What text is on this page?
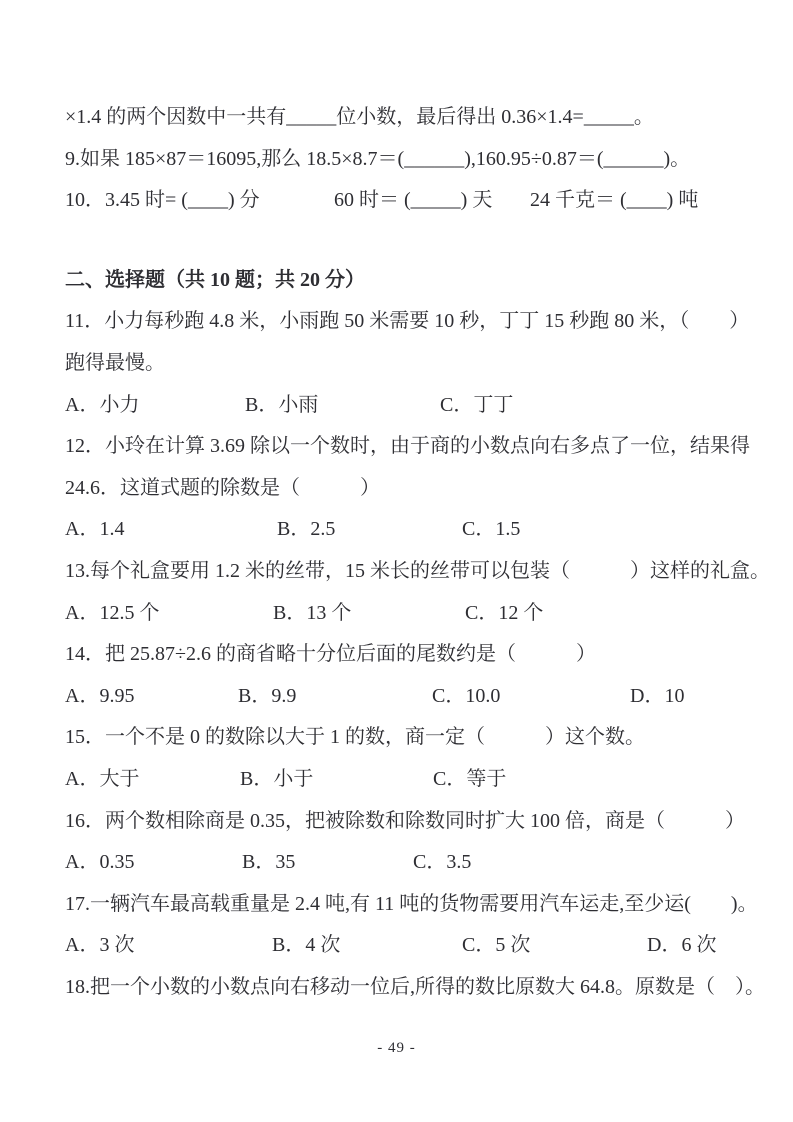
×1.4 的两个因数中一共有_____位小数，最后得出 0.36×1.4=_____。
9.如果 185×87＝16095,那么 18.5×8.7＝(______),160.95÷0.87＝(______)。
10．3.45 时= (____) 分	60 时＝ (_____) 天 24 千克＝ (____) 吨
二、选择题（共 10 题；共 20 分）
11．小力每秒跑 4.8 米，小雨跑 50 米需要 10 秒，丁丁 15 秒跑 80 米，（　　）
跑得最慢。
A．小力	B．小雨	C．丁丁
12．小玲在计算 3.69 除以一个数时，由于商的小数点向右多点了一位，结果得
24.6．这道式题的除数是（　　　）
A．1.4	B．2.5	C．1.5
13.每个礼盒要用 1.2 米的丝带，15 米长的丝带可以包装（　　　）这样的礼盒。
A．12.5 个	B．13 个	C．12 个
14．把 25.87÷2.6 的商省略十分位后面的尾数约是（　　　）
A．9.95	B．9.9	C．10.0	D．10
15．一个不是 0 的数除以大于 1 的数，商一定（　　　）这个数。
A．大于	B．小于	C．等于
16．两个数相除商是 0.35，把被除数和除数同时扩大 100 倍，商是（　　　）
A．0.35	B．35	C．3.5
17.一辆汽车最高载重量是 2.4 吨,有 11 吨的货物需要用汽车运走,至少运(　　)。
A．3 次	B．4 次	C．5 次	D．6 次
18.把一个小数的小数点向右移动一位后,所得的数比原数大 64.8。原数是（　）。
- 49 -
